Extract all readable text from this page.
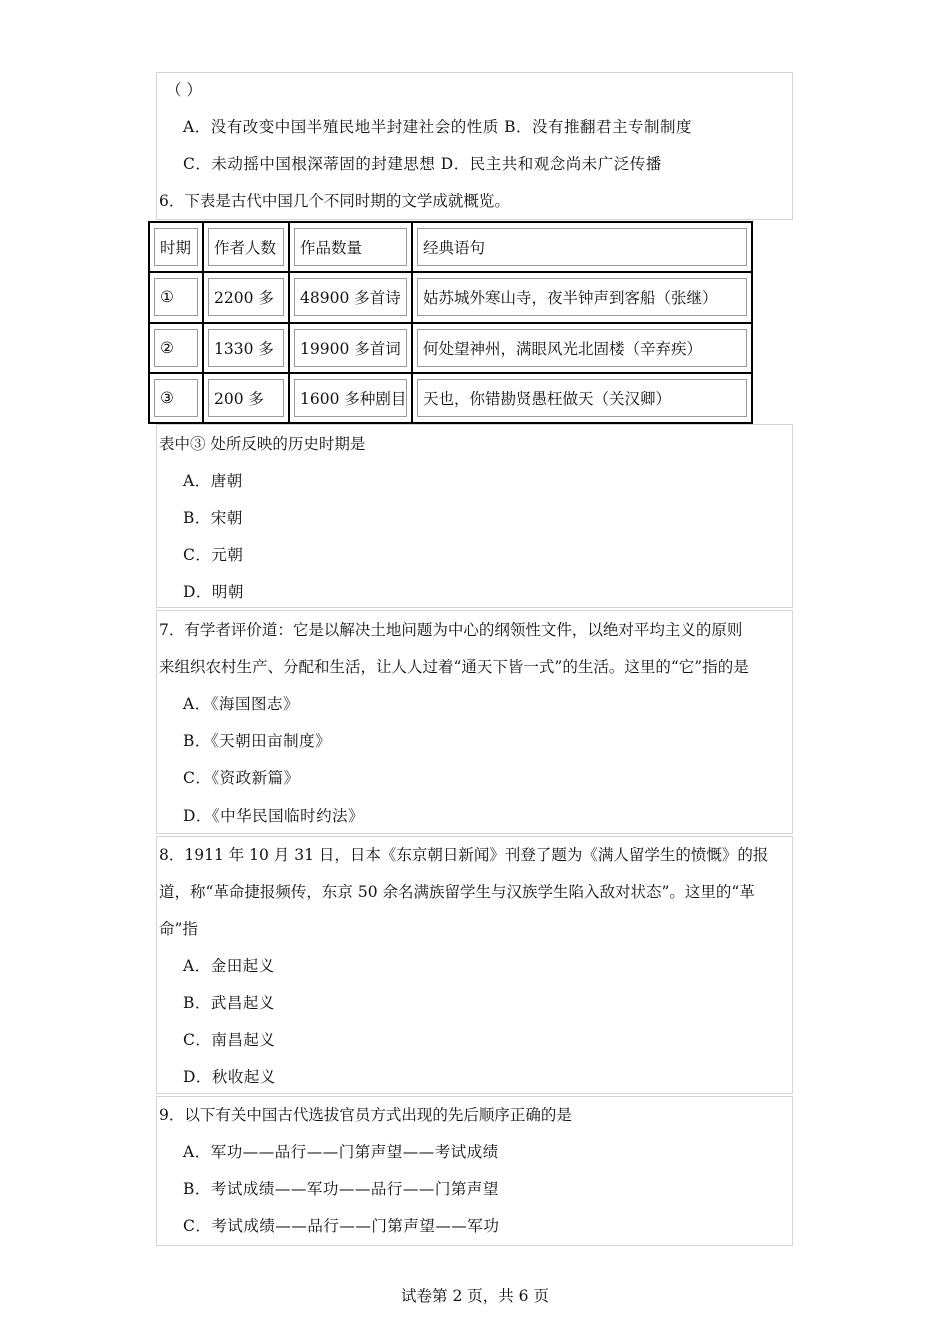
（ ）
A．没有改变中国半殖民地半封建社会的性质 B．没有推翻君主专制制度
C．未动摇中国根深蒂固的封建思想 D．民主共和观念尚未广泛传播
6．下表是古代中国几个不同时期的文学成就概览。
时期	作者人数	作品数量	经典语句

①	2200 多	48900 多首诗	姑苏城外寒山寺，夜半钟声到客船（张继）

②	1330 多	19900 多首词	何处望神州，满眼风光北固楼（辛弃疾）

③	200 多	1600 多种剧目	天也，你错勘贤愚枉做天（关汉卿）
表中③ 处所反映的历史时期是
A．唐朝
B．宋朝
C．元朝
D．明朝
7．有学者评价道：它是以解决土地问题为中心的纲领性文件，以绝对平均主义的原则
来组织农村生产、分配和生活，让人人过着“通天下皆一式”的生活。这里的“它”指的是
A．《海国图志》
B．《天朝田亩制度》
C．《资政新篇》
D．《中华民国临时约法》
8．1911 年 10 月 31 日，日本《东京朝日新闻》刊登了题为《满人留学生的愤慨》的报
道，称“革命捷报频传，东京 50 余名满族留学生与汉族学生陷入敌对状态”。这里的“革
命”指
A．金田起义
B．武昌起义
C．南昌起义
D．秋收起义
9．以下有关中国古代选拔官员方式出现的先后顺序正确的是
A．军功——品行——门第声望——考试成绩
B．考试成绩——军功——品行——门第声望
C．考试成绩——品行——门第声望——军功
试卷第 2 页，共 6 页
